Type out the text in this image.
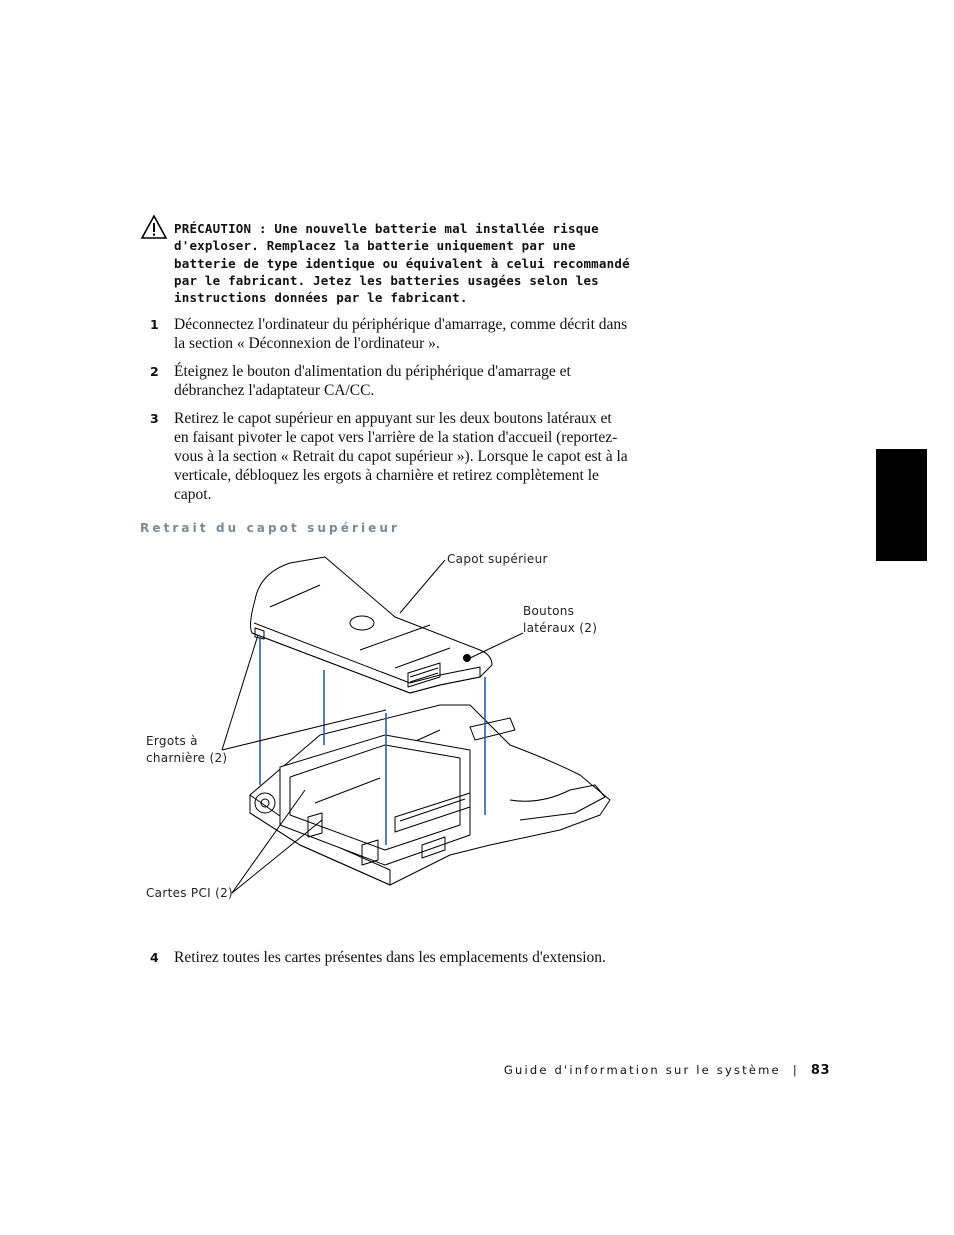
PRÉCAUTION : Une nouvelle batterie mal installée risque d'exploser. Remplacez la batterie uniquement par une batterie de type identique ou équivalent à celui recommandé par le fabricant. Jetez les batteries usagées selon les instructions données par le fabricant.
1 Déconnectez l'ordinateur du périphérique d'amarrage, comme décrit dans la section « Déconnexion de l'ordinateur ».
2 Éteignez le bouton d'alimentation du périphérique d'amarrage et débranchez l'adaptateur CA/CC.
3 Retirez le capot supérieur en appuyant sur les deux boutons latéraux et en faisant pivoter le capot vers l'arrière de la station d'accueil (reportez-vous à la section « Retrait du capot supérieur »). Lorsque le capot est à la verticale, débloquez les ergots à charnière et retirez complètement le capot.
Retrait du capot supérieur
Capot supérieur
Boutons
latéraux (2)
Ergots à
charnière (2)
Cartes PCI (2)
4 Retirez toutes les cartes présentes dans les emplacements d'extension.
Guide d'information sur le système | 83
